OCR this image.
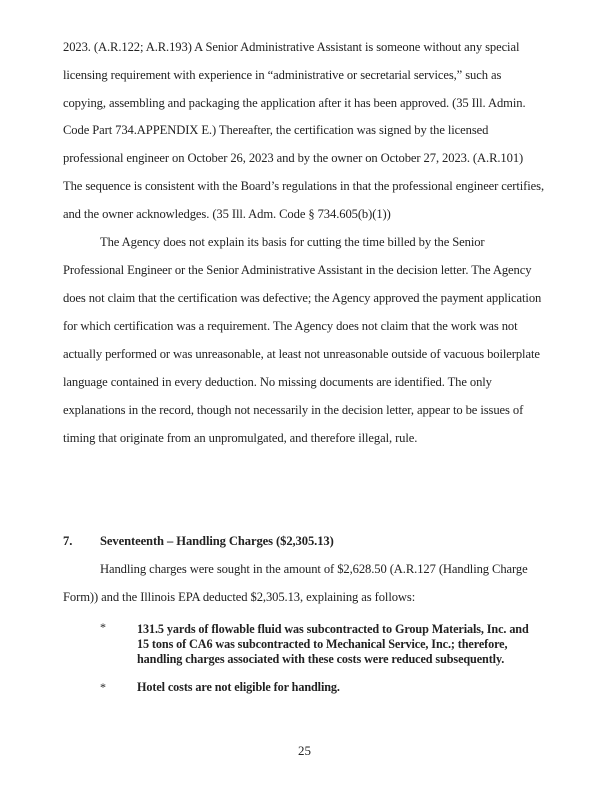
2023. (A.R.122; A.R.193) A Senior Administrative Assistant is someone without any special
licensing requirement with experience in “administrative or secretarial services,” such as
copying, assembling and packaging the application after it has been approved. (35 Ill. Admin.
Code Part 734.APPENDIX E.) Thereafter, the certification was signed by the licensed
professional engineer on October 26, 2023 and by the owner on October 27, 2023. (A.R.101)
The sequence is consistent with the Board’s regulations in that the professional engineer certifies,
and the owner acknowledges. (35 Ill. Adm. Code § 734.605(b)(1))
The Agency does not explain its basis for cutting the time billed by the Senior
Professional Engineer or the Senior Administrative Assistant in the decision letter. The Agency
does not claim that the certification was defective; the Agency approved the payment application
for which certification was a requirement. The Agency does not claim that the work was not
actually performed or was unreasonable, at least not unreasonable outside of vacuous boilerplate
language contained in every deduction. No missing documents are identified. The only
explanations in the record, though not necessarily in the decision letter, appear to be issues of
timing that originate from an unpromulgated, and therefore illegal, rule.
7. Seventeenth – Handling Charges ($2,305.13)
Handling charges were sought in the amount of $2,628.50 (A.R.127 (Handling Charge
Form)) and the Illinois EPA deducted $2,305.13, explaining as follows:
*	131.5 yards of flowable fluid was subcontracted to Group Materials, Inc. and
15 tons of CA6 was subcontracted to Mechanical Service, Inc.; therefore,
handling charges associated with these costs were reduced subsequently.
*	Hotel costs are not eligible for handling.
25
